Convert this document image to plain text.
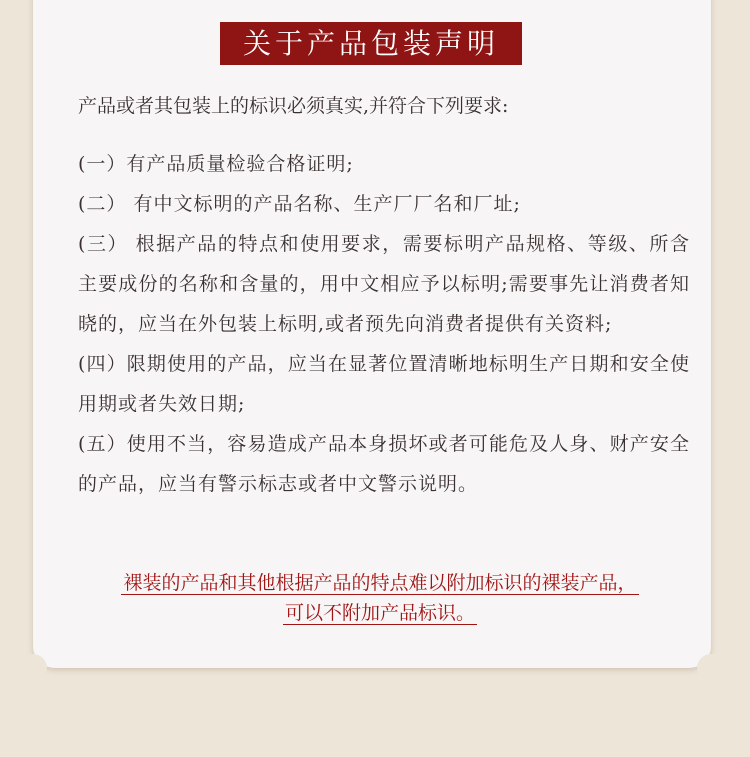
关于产品包装声明
产品或者其包装上的标识必须真实,并符合下列要求:
(一）有产品质量检验合格证明;
(二） 有中文标明的产品名称、生产厂厂名和厂址;
(三） 根据产品的特点和使用要求，需要标明产品规格、等级、所含主要成份的名称和含量的，用中文相应予以标明;需要事先让消费者知晓的，应当在外包装上标明,或者预先向消费者提供有关资料;
(四）限期使用的产品，应当在显著位置清晰地标明生产日期和安全使用期或者失效日期;
(五）使用不当，容易造成产品本身损坏或者可能危及人身、财产安全的产品，应当有警示标志或者中文警示说明。
裸装的产品和其他根据产品的特点难以附加标识的裸装产品，
可以不附加产品标识。
